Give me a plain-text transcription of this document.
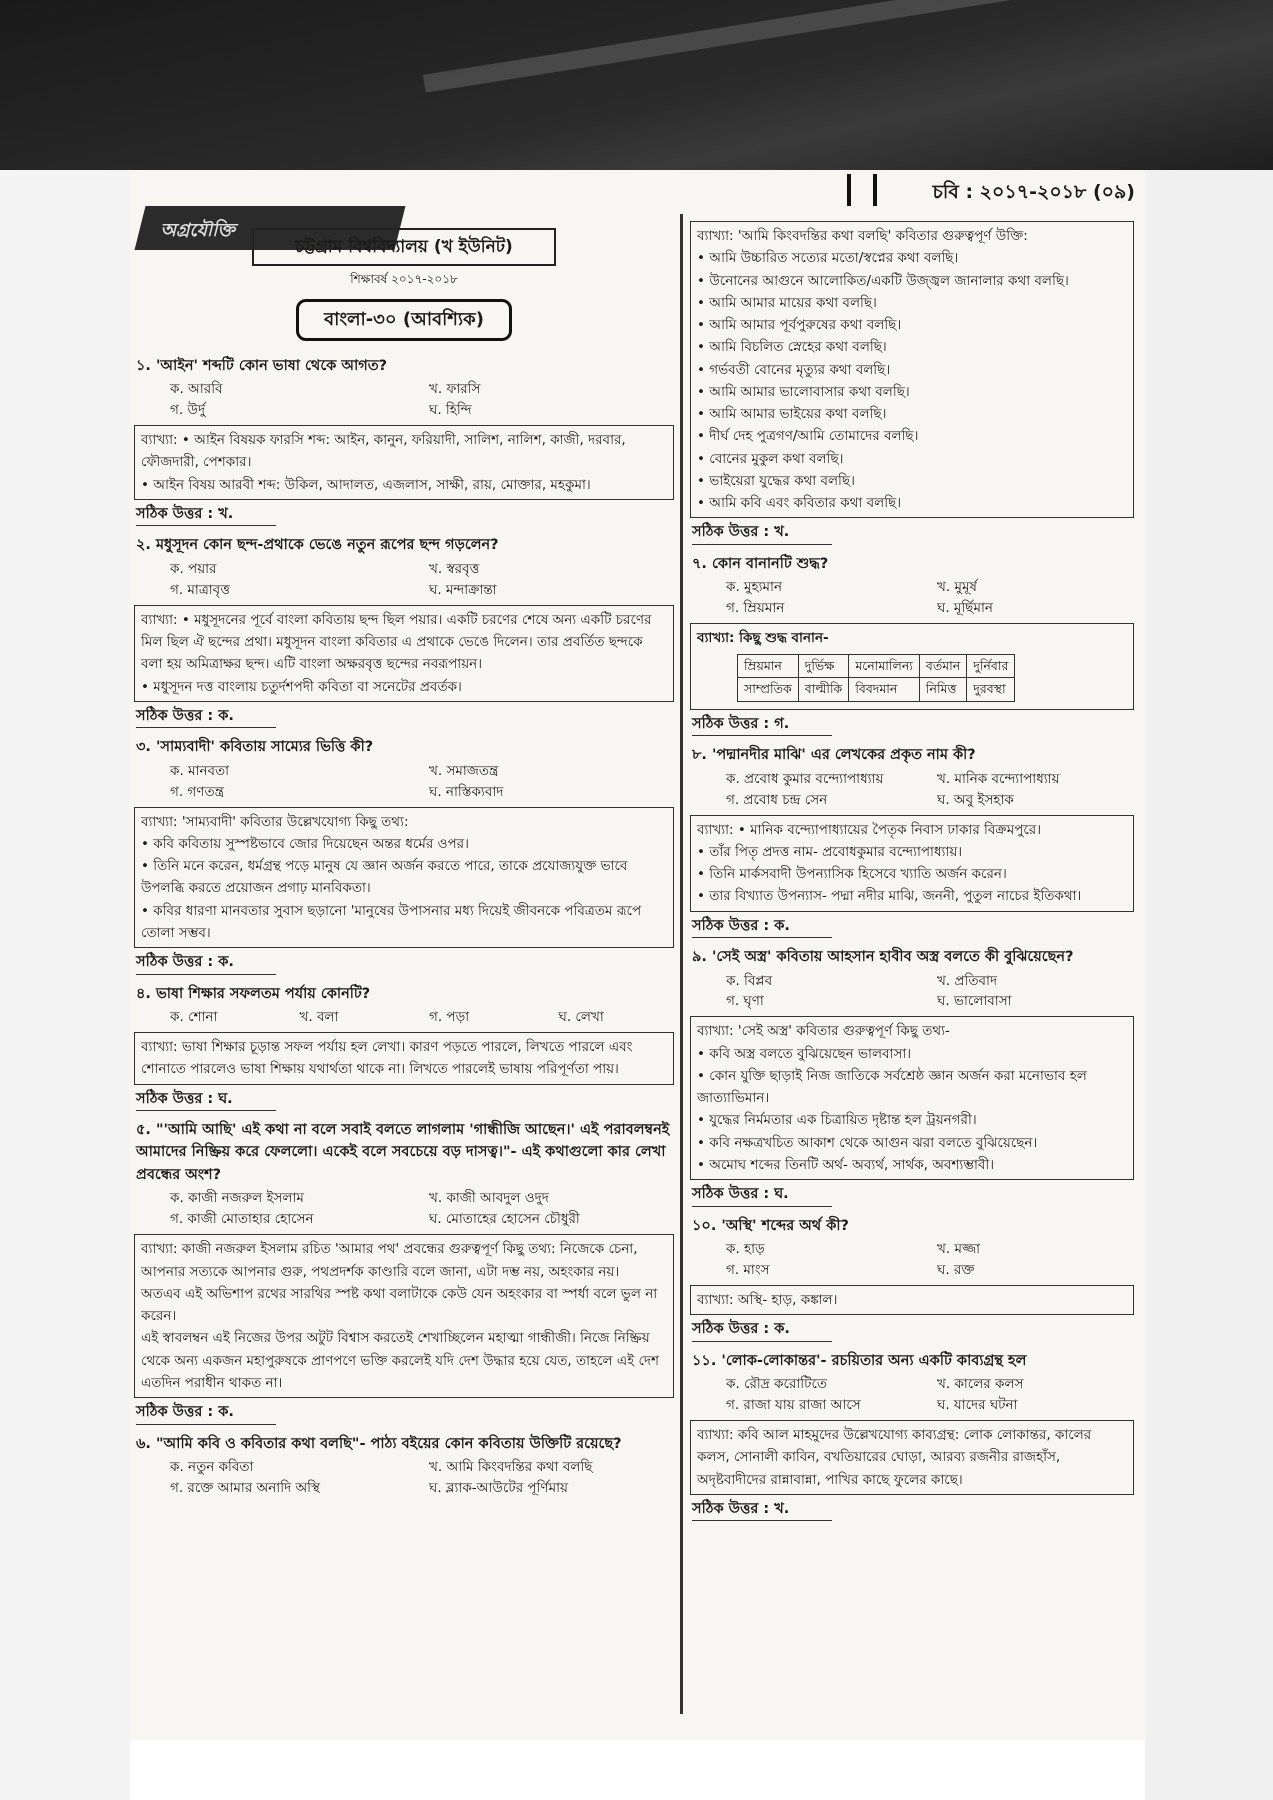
চবি : ২০১৭-২০১৮ (০৯)
অগ্রযৌক্তি
চট্টগ্রাম বিশ্ববিদ্যালয় (খ ইউনিট)
শিক্ষাবর্ষ ২০১৭-২০১৮
বাংলা-৩০ (আবশ্যিক)
১. 'আইন' শব্দটি কোন ভাষা থেকে আগত?
ক. আরবি	খ. ফারসি
গ. উর্দু	ঘ. হিন্দি
ব্যাখ্যা: • আইন বিষয়ক ফারসি শব্দ: আইন, কানুন, ফরিয়াদী, সালিশ, নালিশ, কাজী, দরবার, ফৌজদারী, পেশকার।
• আইন বিষয় আরবী শব্দ: উকিল, আদালত, এজলাস, সাক্ষী, রায়, মোক্তার, মহকুমা।
সঠিক উত্তর : খ.
২. মধুসূদন কোন ছন্দ-প্রথাকে ভেঙে নতুন রূপের ছন্দ গড়লেন?
ক. পয়ার	খ. স্বরবৃত্ত
গ. মাত্রাবৃত্ত	ঘ. মন্দাক্রান্তা
ব্যাখ্যা: • মধুসূদনের পূর্বে বাংলা কবিতায় ছন্দ ছিল পয়ার। একটি চরণের শেষে অন্য একটি চরণের মিল ছিল ঐ ছন্দের প্রথা। মধুসূদন বাংলা কবিতার এ প্রথাকে ভেঙে দিলেন। তার প্রবর্তিত ছন্দকে বলা হয় অমিত্রাক্ষর ছন্দ। এটি বাংলা অক্ষরবৃত্ত ছন্দের নবরূপায়ন।
• মধুসূদন দত্ত বাংলায় চতুর্দশপদী কবিতা বা সনেটের প্রবর্তক।
সঠিক উত্তর : ক.
৩. 'সাম্যবাদী' কবিতায় সাম্যের ভিত্তি কী?
ক. মানবতা	খ. সমাজতন্ত্র
গ. গণতন্ত্র	ঘ. নাস্তিক্যবাদ
ব্যাখ্যা: 'সাম্যবাদী' কবিতার উল্লেখযোগ্য কিছু তথ্য:
• কবি কবিতায় সুস্পষ্টভাবে জোর দিয়েছেন অন্তর ধর্মের ওপর।
• তিনি মনে করেন, ধর্মগ্রন্থ পড়ে মানুষ যে জ্ঞান অর্জন করতে পারে, তাকে প্রযোজ্যযুক্ত ভাবে উপলব্ধি করতে প্রয়োজন প্রগাঢ় মানবিকতা।
• কবির ধারণা মানবতার সুবাস ছড়ানো 'মানুষের উপাসনার মধ্য দিয়েই জীবনকে পবিত্রতম রূপে তোলা সম্ভব।
সঠিক উত্তর : ক.
৪. ভাষা শিক্ষার সফলতম পর্যায় কোনটি?
ক. শোনা	খ. বলা	গ. পড়া	ঘ. লেখা
ব্যাখ্যা: ভাষা শিক্ষার চূড়ান্ত সফল পর্যায় হল লেখা। কারণ পড়তে পারলে, লিখতে পারলে এবং শোনাতে পারলেও ভাষা শিক্ষায় যথার্থতা থাকে না। লিখতে পারলেই ভাষায় পরিপূর্ণতা পায়।
সঠিক উত্তর : ঘ.
৫. "'আমি আছি' এই কথা না বলে সবাই বলতে লাগলাম 'গান্ধীজি আছেন।' এই পরাবলম্বনই আমাদের নিষ্ক্রিয় করে ফেললো। একেই বলে সবচেয়ে বড় দাসত্ব।"- এই কথাগুলো কার লেখা প্রবন্ধের অংশ?
ক. কাজী নজরুল ইসলাম	খ. কাজী আবদুল ওদুদ
গ. কাজী মোতাহার হোসেন	ঘ. মোতাহের হোসেন চৌধুরী
ব্যাখ্যা: কাজী নজরুল ইসলাম রচিত 'আমার পথ' প্রবন্ধের গুরুত্বপূর্ণ কিছু তথ্য: নিজেকে চেনা, আপনার সত্যকে আপনার গুরু, পথপ্রদর্শক কাণ্ডারি বলে জানা, এটা দম্ভ নয়, অহংকার নয়।
অতএব এই অভিশাপ রথের সারথির স্পষ্ট কথা বলাটাকে কেউ যেন অহংকার বা স্পর্ধা বলে ভুল না করেন।
এই স্বাবলম্বন এই নিজের উপর অটুট বিশ্বাস করতেই শেখাচ্ছিলেন মহাত্মা গান্ধীজী। নিজে নিষ্ক্রিয় থেকে অন্য একজন মহাপুরুষকে প্রাণপণে ভক্তি করলেই যদি দেশ উদ্ধার হয়ে যেত, তাহলে এই দেশ এতদিন পরাধীন থাকত না।
সঠিক উত্তর : ক.
৬. "আমি কবি ও কবিতার কথা বলছি"- পাঠ্য বইয়ের কোন কবিতায় উক্তিটি রয়েছে?
ক. নতুন কবিতা	খ. আমি কিংবদন্তির কথা বলছি
গ. রক্তে আমার অনাদি অস্থি	ঘ. ব্ল্যাক-আউটের পূর্ণিমায়
ব্যাখ্যা: 'আমি কিংবদন্তির কথা বলছি' কবিতার গুরুত্বপূর্ণ উক্তি:
• আমি উচ্চারিত সত্যের মতো/স্বপ্নের কথা বলছি।
• উনোনের আগুনে আলোকিত/একটি উজ্জ্বল জানালার কথা বলছি।
• আমি আমার মায়ের কথা বলছি।
• আমি আমার পূর্বপুরুষের কথা বলছি।
• আমি বিচলিত স্নেহের কথা বলছি।
• গর্ভবতী বোনের মৃত্যুর কথা বলছি।
• আমি আমার ভালোবাসার কথা বলছি।
• আমি আমার ভাইয়ের কথা বলছি।
• দীর্ঘ দেহ পুত্রগণ/আমি তোমাদের বলছি।
• বোনের মুকুল কথা বলছি।
• ভাইয়েরা যুদ্ধের কথা বলছি।
• আমি কবি এবং কবিতার কথা বলছি।
সঠিক উত্তর : খ.
৭. কোন বানানটি শুদ্ধ?
ক. মুহ্যমান	খ. মুমূর্ষ
গ. ম্রিয়মান	ঘ. মূর্ছিমান
ব্যাখ্যা: কিছু শুদ্ধ বানান-
ম্রিয়মান	দুর্ভিক্ষ	মনোমালিন্য	বর্তমান	দুর্নিবার
সাম্প্রতিক	বাল্মীকি	বিবদমান	নিমিত্ত	দুরবস্থা
সঠিক উত্তর : গ.
৮. 'পদ্মানদীর মাঝি' এর লেখকের প্রকৃত নাম কী?
ক. প্রবোধ কুমার বন্দ্যোপাধ্যায়	খ. মানিক বন্দ্যোপাধ্যায়
গ. প্রবোধ চন্দ্র সেন	ঘ. অবু ইসহাক
ব্যাখ্যা: • মানিক বন্দ্যোপাধ্যায়ের পৈতৃক নিবাস ঢাকার বিক্রমপুরে।
• তাঁর পিতৃ প্রদত্ত নাম- প্রবোধকুমার বন্দ্যোপাধ্যায়।
• তিনি মার্কসবাদী উপন্যাসিক হিসেবে খ্যাতি অর্জন করেন।
• তার বিখ্যাত উপন্যাস- পদ্মা নদীর মাঝি, জননী, পুতুল নাচের ইতিকথা।
সঠিক উত্তর : ক.
৯. 'সেই অস্ত্র' কবিতায় আহসান হাবীব অস্ত্র বলতে কী বুঝিয়েছেন?
ক. বিপ্লব	খ. প্রতিবাদ
গ. ঘৃণা	ঘ. ভালোবাসা
ব্যাখ্যা: 'সেই অস্ত্র' কবিতার গুরুত্বপূর্ণ কিছু তথ্য-
• কবি অস্ত্র বলতে বুঝিয়েছেন ভালবাসা।
• কোন যুক্তি ছাড়াই নিজ জাতিকে সর্বশ্রেষ্ঠ জ্ঞান অর্জন করা মনোভাব হল জাত্যাভিমান।
• যুদ্ধের নির্মমতার এক চিত্রায়িত দৃষ্টান্ত হল ট্রয়নগরী।
• কবি নক্ষত্রখচিত আকাশ থেকে আগুন ঝরা বলতে বুঝিয়েছেন।
• অমোঘ শব্দের তিনটি অর্থ- অব্যর্থ, সার্থক, অবশ্যম্ভাবী।
সঠিক উত্তর : ঘ.
১০. 'অস্থি' শব্দের অর্থ কী?
ক. হাড়	খ. মজ্জা
গ. মাংস	ঘ. রক্ত
ব্যাখ্যা: অস্থি- হাড়, কঙ্কাল।
সঠিক উত্তর : ক.
১১. 'লোক-লোকান্তর'- রচয়িতার অন্য একটি কাব্যগ্রন্থ হল
ক. রৌদ্র করোটিতে	খ. কালের কলস
গ. রাজা যায় রাজা আসে	ঘ. যাদের ঘটনা
ব্যাখ্যা: কবি আল মাহমুদের উল্লেখযোগ্য কাব্যগ্রন্থ: লোক লোকান্তর, কালের কলস, সোনালী কাবিন, বখতিয়ারের ঘোড়া, আরব্য রজনীর রাজহাঁস, অদৃষ্টবাদীদের রান্নাবান্না, পাখির কাছে ফুলের কাছে।
সঠিক উত্তর : খ.
